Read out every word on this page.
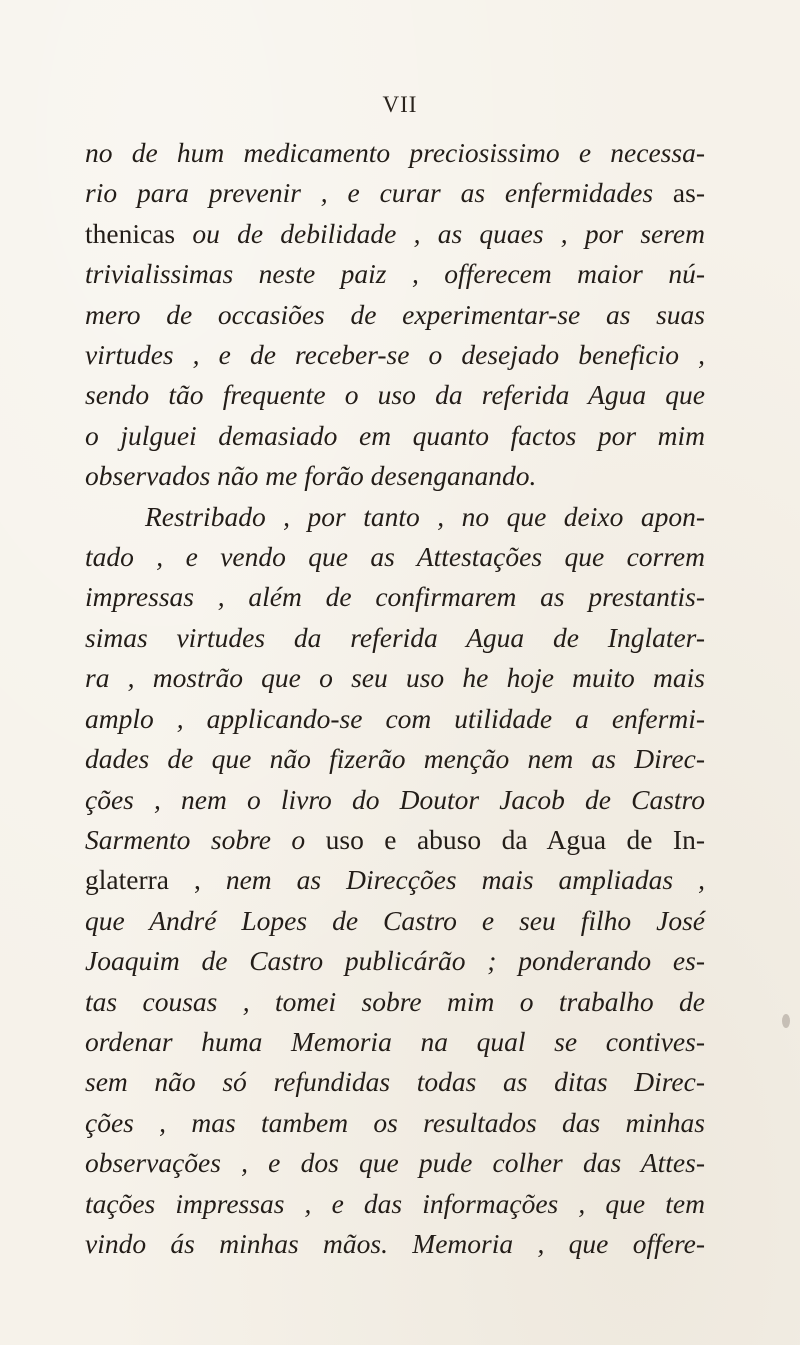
VII
no de hum medicamento preciosissimo e necessa-
rio para prevenir , e curar as enfermidades as-
thenicas ou de debilidade , as quaes , por serem
trivialissimas neste paiz , offerecem maior nú-
mero de occasiões de experimentar-se as suas
virtudes , e de receber-se o desejado beneficio ,
sendo tão frequente o uso da referida Agua que
o julguei demasiado em quanto factos por mim
observados não me forão desenganando.
Restribado , por tanto , no que deixo apon-
tado , e vendo que as Attestações que correm
impressas , além de confirmarem as prestantis-
simas virtudes da referida Agua de Inglater-
ra , mostrão que o seu uso he hoje muito mais
amplo , applicando-se com utilidade a enfermi-
dades de que não fizerão menção nem as Direc-
ções , nem o livro do Doutor Jacob de Castro
Sarmento sobre o uso e abuso da Agua de In-
glaterra , nem as Direcções mais ampliadas ,
que André Lopes de Castro e seu filho José
Joaquim de Castro publicárão ; ponderando es-
tas cousas , tomei sobre mim o trabalho de
ordenar huma Memoria na qual se contives-
sem não só refundidas todas as ditas Direc-
ções , mas tambem os resultados das minhas
observações , e dos que pude colher das Attes-
tações impressas , e das informações , que tem
vindo ás minhas mãos. Memoria , que offere-
